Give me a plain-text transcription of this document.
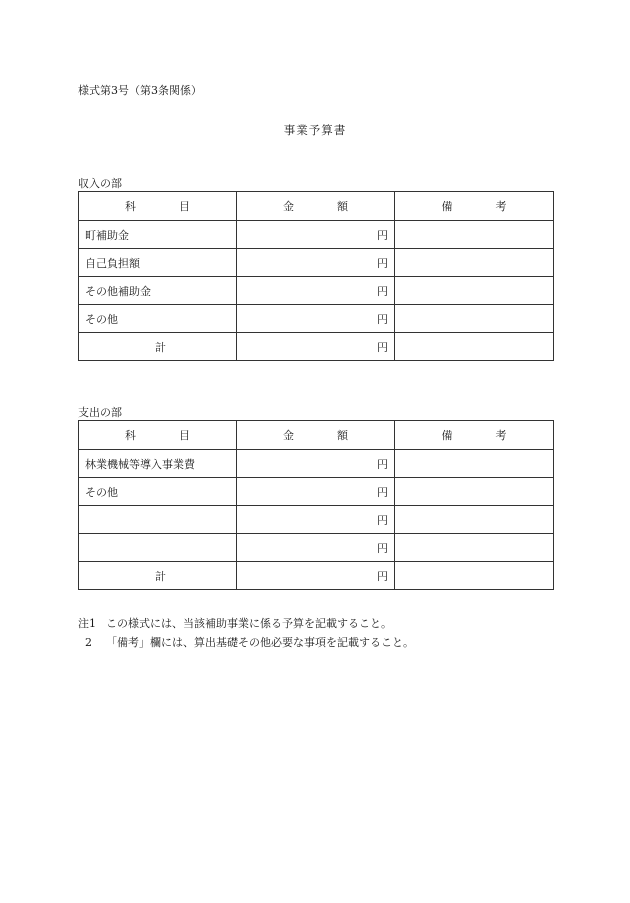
様式第3号（第3条関係）
事業予算書
収入の部
科　目	金　額	備　考
町補助金	円	
自己負担額	円	
その他補助金	円	
その他	円	
計	円	
支出の部
科　目	金　額	備　考
林業機械等導入事業費	円	
その他	円	
	円	
	円	
計	円	
注1 この様式には、当該補助事業に係る予算を記載すること。
2 「備考」欄には、算出基礎その他必要な事項を記載すること。
